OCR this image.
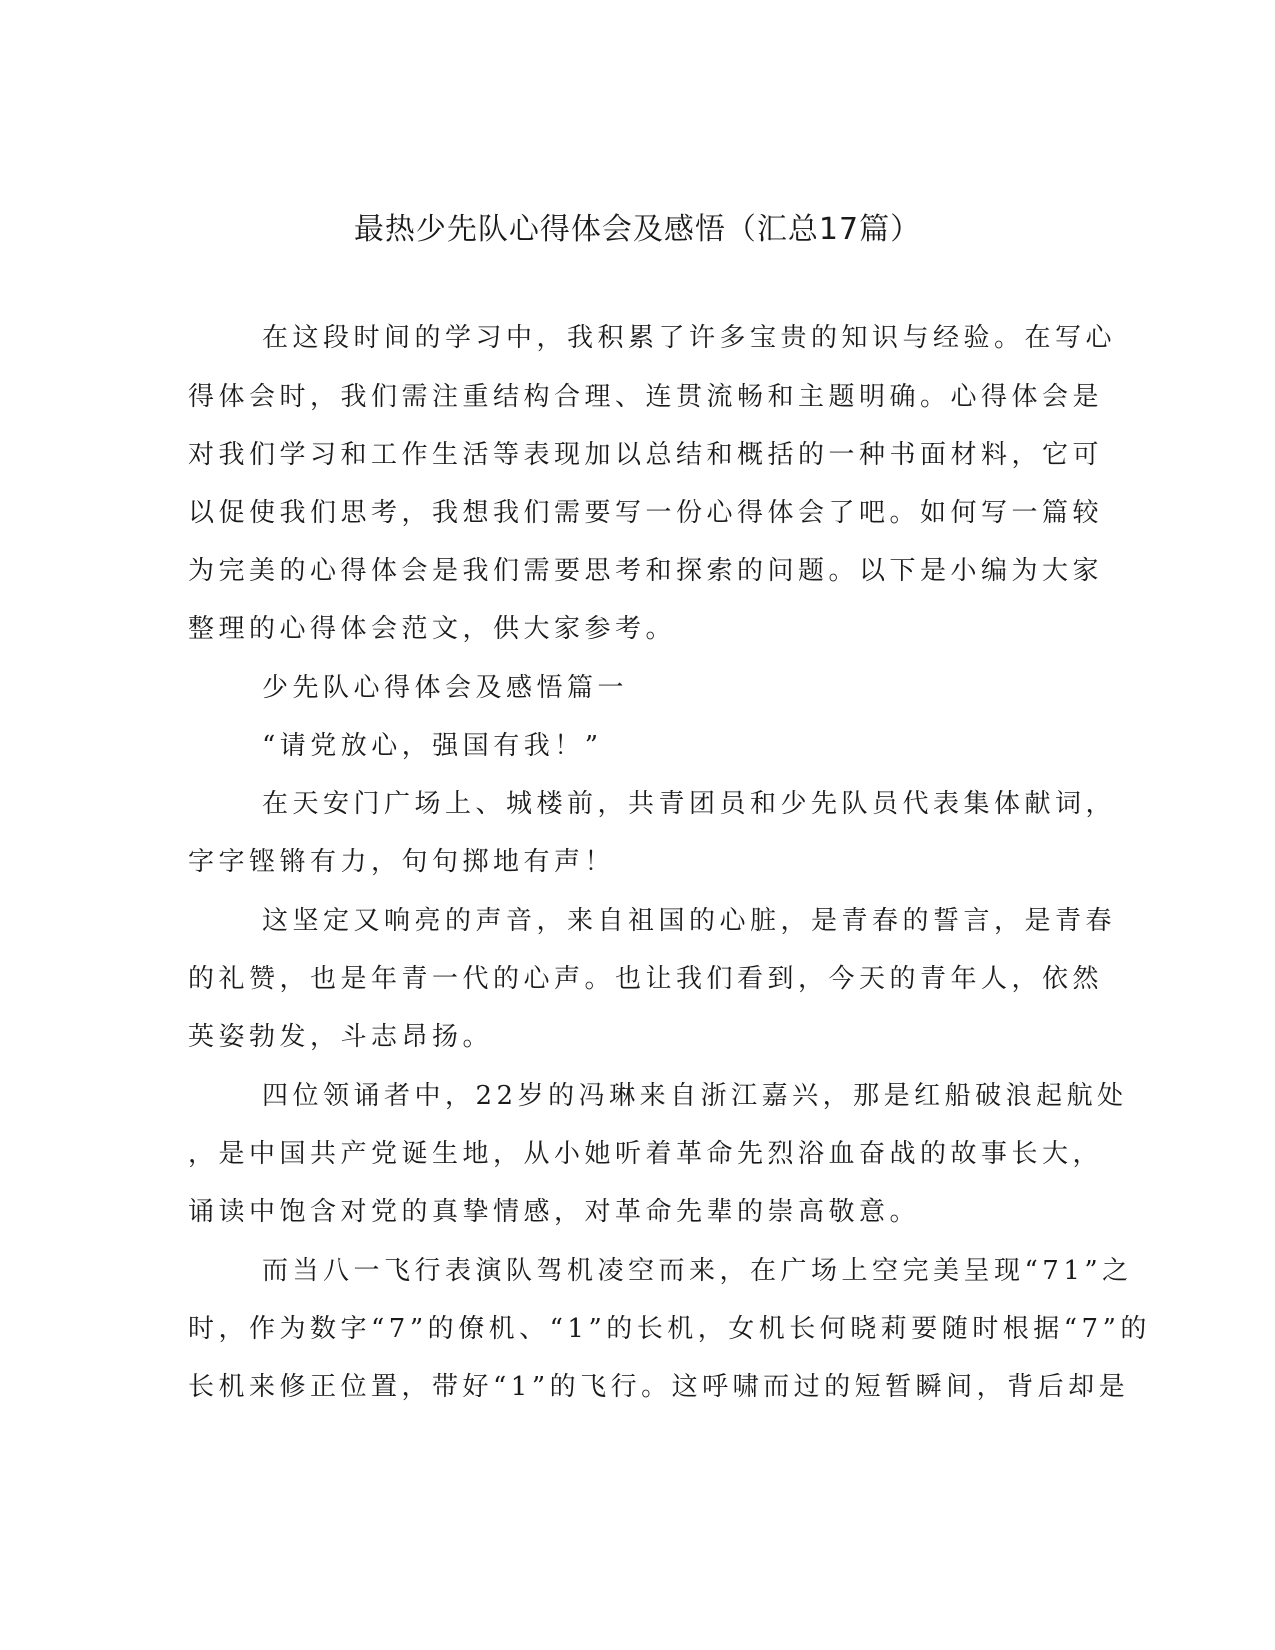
最热少先队心得体会及感悟（汇总17篇）
在这段时间的学习中，我积累了许多宝贵的知识与经验。在写心
得体会时，我们需注重结构合理、连贯流畅和主题明确。心得体会是
对我们学习和工作生活等表现加以总结和概括的一种书面材料，它可
以促使我们思考，我想我们需要写一份心得体会了吧。如何写一篇较
为完美的心得体会是我们需要思考和探索的问题。以下是小编为大家
整理的心得体会范文，供大家参考。
少先队心得体会及感悟篇一
“请党放心，强国有我！”
在天安门广场上、城楼前，共青团员和少先队员代表集体献词，
字字铿锵有力，句句掷地有声！
这坚定又响亮的声音，来自祖国的心脏，是青春的誓言，是青春
的礼赞，也是年青一代的心声。也让我们看到，今天的青年人，依然
英姿勃发，斗志昂扬。
四位领诵者中，22岁的冯琳来自浙江嘉兴，那是红船破浪起航处
，是中国共产党诞生地，从小她听着革命先烈浴血奋战的故事长大，
诵读中饱含对党的真挚情感，对革命先辈的崇高敬意。
而当八一飞行表演队驾机凌空而来，在广场上空完美呈现“71”之
时，作为数字“7”的僚机、“1”的长机，女机长何晓莉要随时根据“7”的
长机来修正位置，带好“1”的飞行。这呼啸而过的短暂瞬间，背后却是
